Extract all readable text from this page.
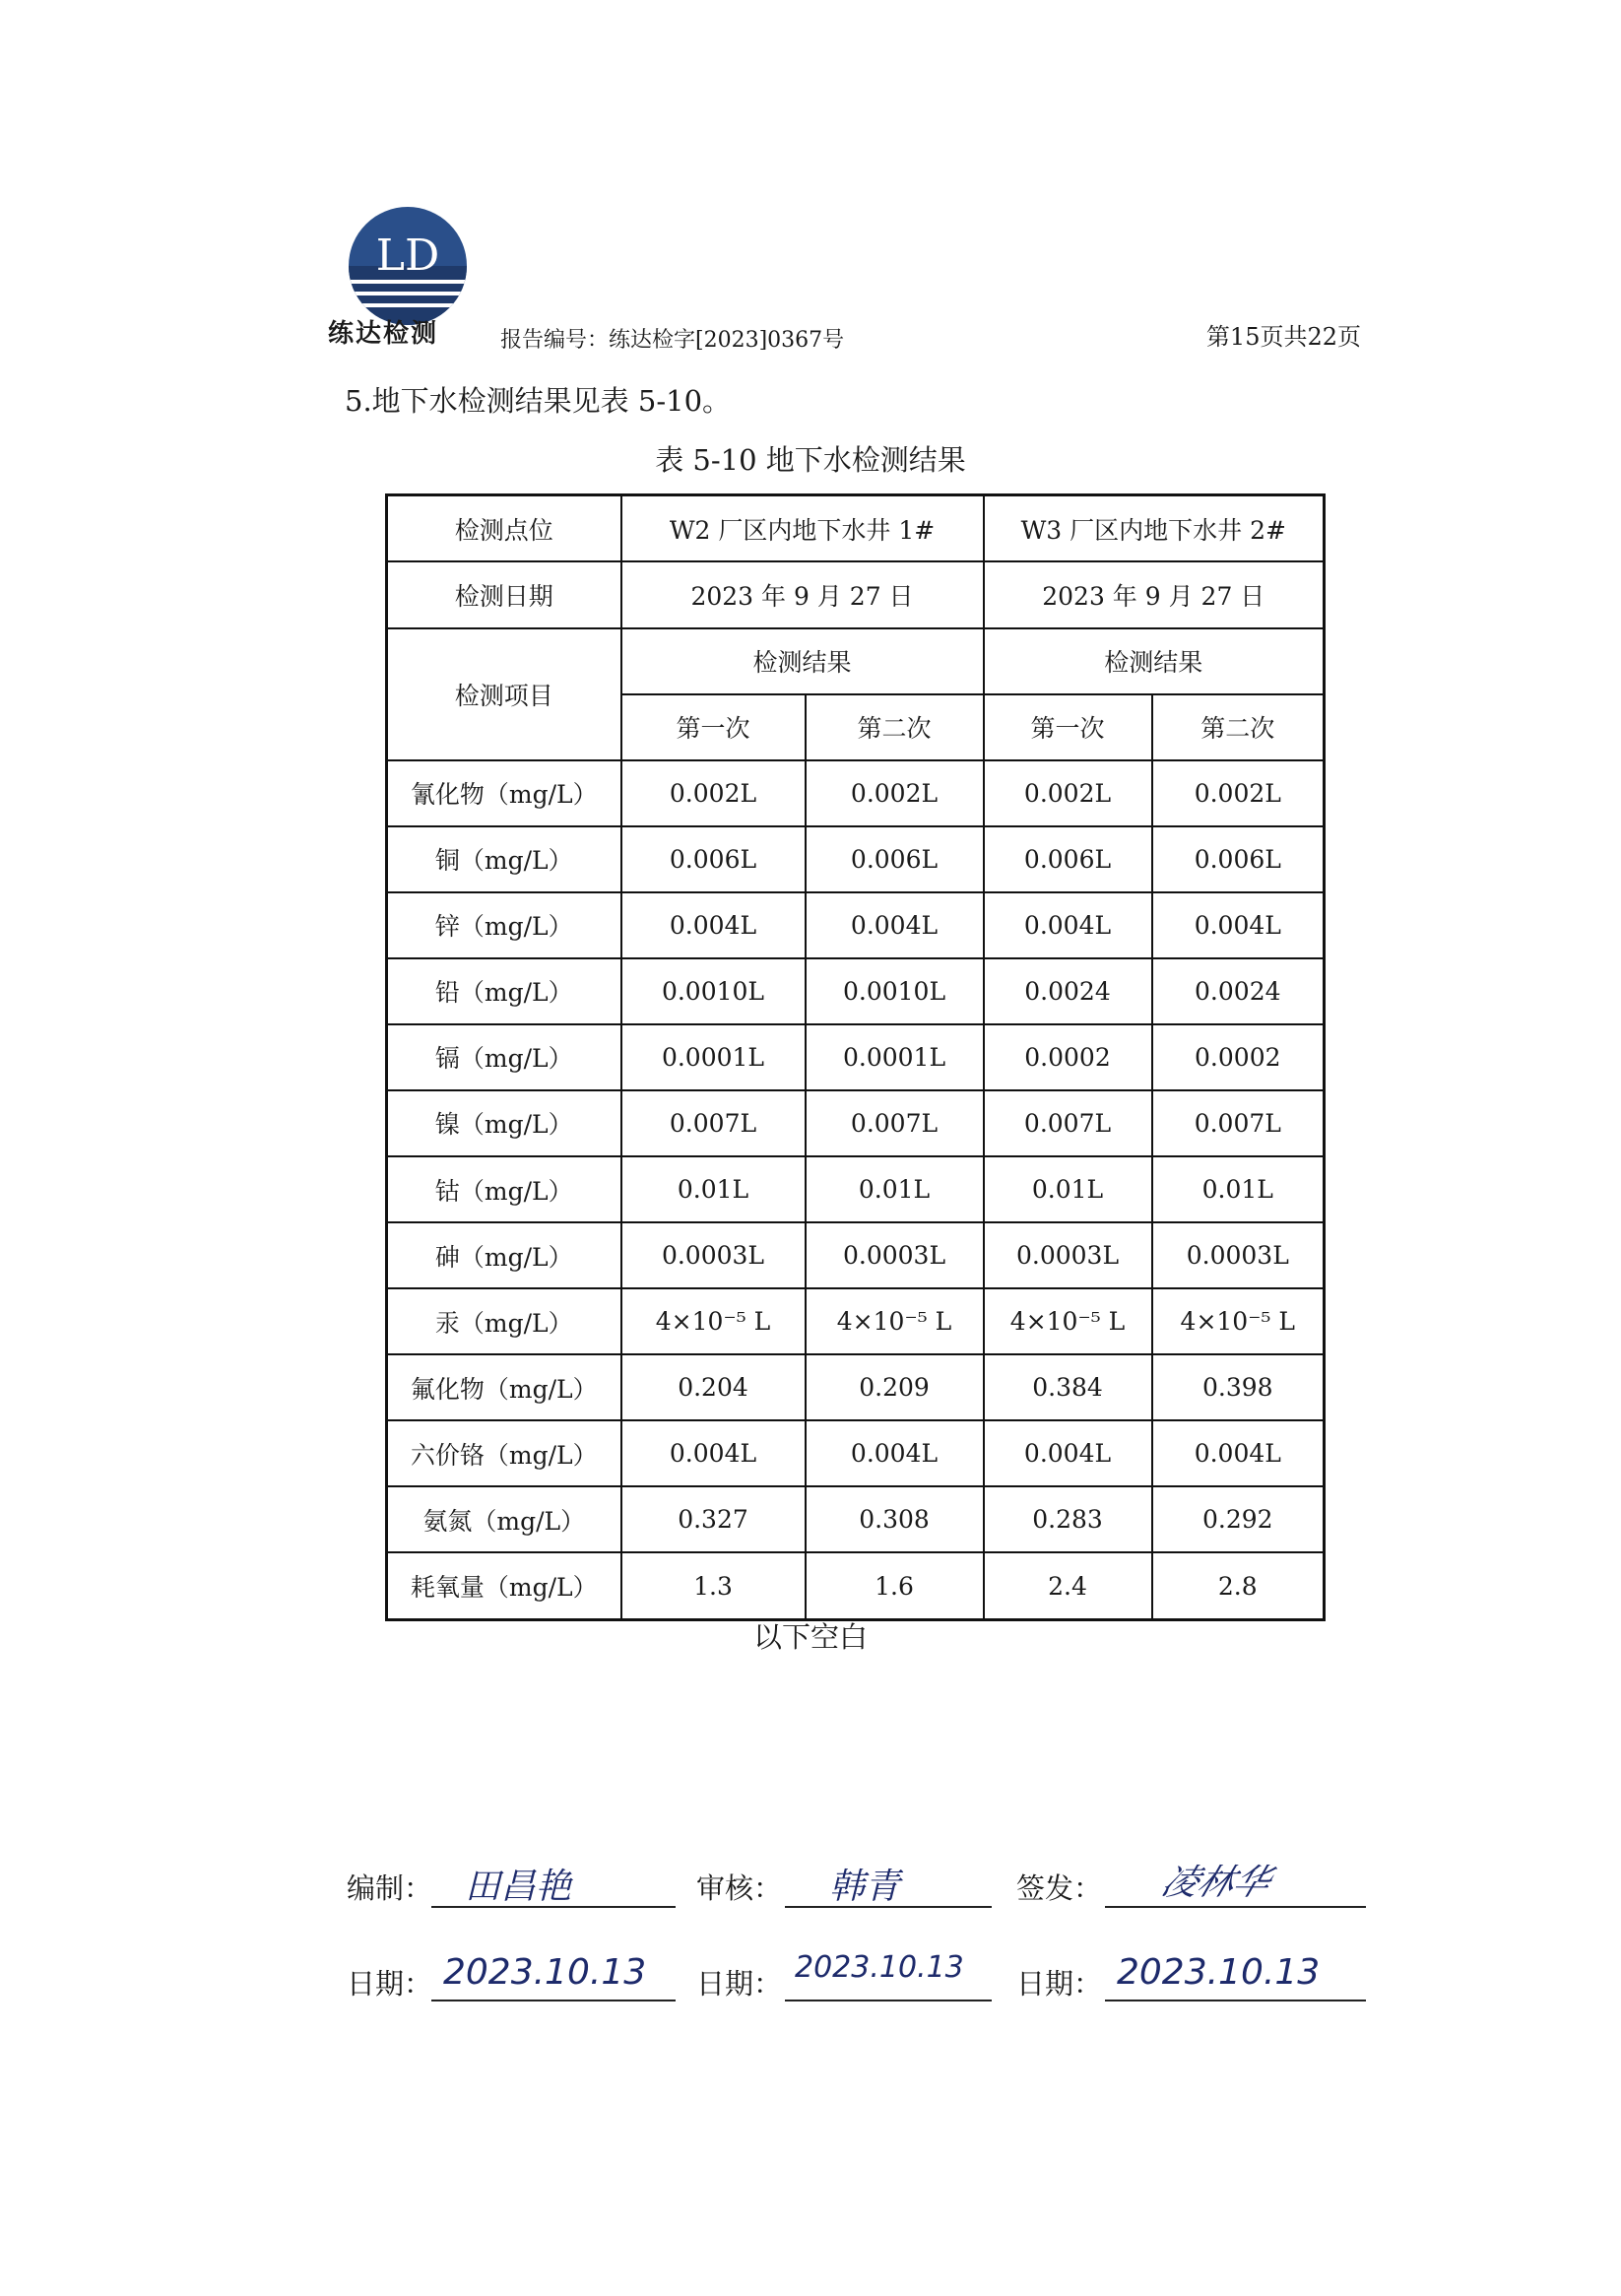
LD
练达检测	报告编号：练达检字[2023]0367号	第15页共22页
5.地下水检测结果见表 5-10。
表 5-10 地下水检测结果
检测点位	W2 厂区内地下水井 1#		W3 厂区内地下水井 2#	
检测日期	2023 年 9 月 27 日		2023 年 9 月 27 日	
检测项目	检测结果		检测结果	
	第一次	第二次	第一次	第二次
氰化物（mg/L）	0.002L	0.002L	0.002L	0.002L
铜（mg/L）	0.006L	0.006L	0.006L	0.006L
锌（mg/L）	0.004L	0.004L	0.004L	0.004L
铅（mg/L）	0.0010L	0.0010L	0.0024	0.0024
镉（mg/L）	0.0001L	0.0001L	0.0002	0.0002
镍（mg/L）	0.007L	0.007L	0.007L	0.007L
钴（mg/L）	0.01L	0.01L	0.01L	0.01L
砷（mg/L）	0.0003L	0.0003L	0.0003L	0.0003L
汞（mg/L）	4×10⁻⁵ L	4×10⁻⁵ L	4×10⁻⁵ L	4×10⁻⁵ L
氟化物（mg/L）	0.204	0.209	0.384	0.398
六价铬（mg/L）	0.004L	0.004L	0.004L	0.004L
氨氮（mg/L）	0.327	0.308	0.283	0.292
耗氧量（mg/L）	1.3	1.6	2.4	2.8
以下空白
编制： 田昌艳	审核： 韩青	签发： 凌林华
日期： 2023.10.13 日期： 2023.10.13 日期： 2023.10.13
